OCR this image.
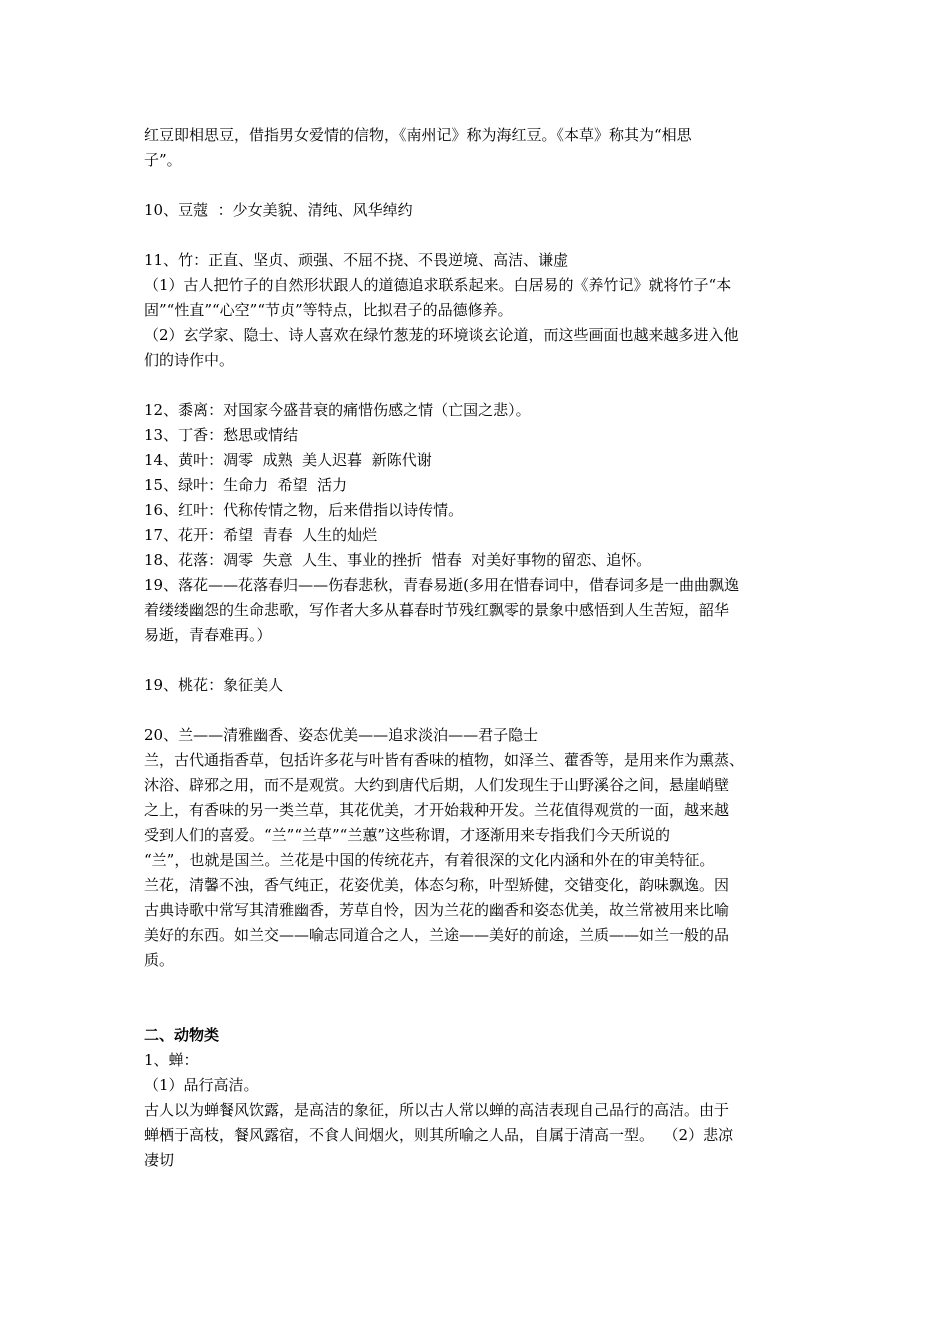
红豆即相思豆，借指男女爱情的信物，《南州记》称为海红豆。《本草》称其为“相思
子”。
10、豆蔻  ：少女美貌、清纯、风华绰约
11、竹：正直、坚贞、顽强、不屈不挠、不畏逆境、高洁、谦虚
（1）古人把竹子的自然形状跟人的道德追求联系起来。白居易的《养竹记》就将竹子“本
固”“性直”“心空”“节贞”等特点，比拟君子的品德修养。
（2）玄学家、隐士、诗人喜欢在绿竹葱茏的环境谈玄论道，而这些画面也越来越多进入他
们的诗作中。
12、黍离：对国家今盛昔衰的痛惜伤感之情（亡国之悲）。
13、丁香：愁思或情结
14、黄叶：凋零  成熟  美人迟暮  新陈代谢
15、绿叶：生命力  希望  活力
16、红叶：代称传情之物，后来借指以诗传情。
17、花开：希望  青春  人生的灿烂
18、花落：凋零  失意  人生、事业的挫折  惜春  对美好事物的留恋、追怀。
19、落花——花落春归——伤春悲秋，青春易逝(多用在惜春词中，借春词多是一曲曲飘逸
着缕缕幽怨的生命悲歌，写作者大多从暮春时节残红飘零的景象中感悟到人生苦短，韶华
易逝，青春难再。）
19、桃花：象征美人
20、兰——清雅幽香、姿态优美——追求淡泊——君子隐士
兰，古代通指香草，包括许多花与叶皆有香味的植物，如泽兰、藿香等，是用来作为熏蒸、
沐浴、辟邪之用，而不是观赏。大约到唐代后期，人们发现生于山野溪谷之间，悬崖峭壁
之上，有香味的另一类兰草，其花优美，才开始栽种开发。兰花值得观赏的一面，越来越
受到人们的喜爱。“兰”“兰草”“兰蕙”这些称谓，才逐渐用来专指我们今天所说的
“兰”，也就是国兰。兰花是中国的传统花卉，有着很深的文化内涵和外在的审美特征。
兰花，清馨不浊，香气纯正，花姿优美，体态匀称，叶型矫健，交错变化，韵味飘逸。因
古典诗歌中常写其清雅幽香，芳草自怜，因为兰花的幽香和姿态优美，故兰常被用来比喻
美好的东西。如兰交——喻志同道合之人，兰途——美好的前途，兰质——如兰一般的品
质。
二、动物类
1、蝉：
（1）品行高洁。
古人以为蝉餐风饮露，是高洁的象征，所以古人常以蝉的高洁表现自己品行的高洁。由于
蝉栖于高枝，餐风露宿，不食人间烟火，则其所喻之人品，自属于清高一型。  （2）悲凉
凄切
